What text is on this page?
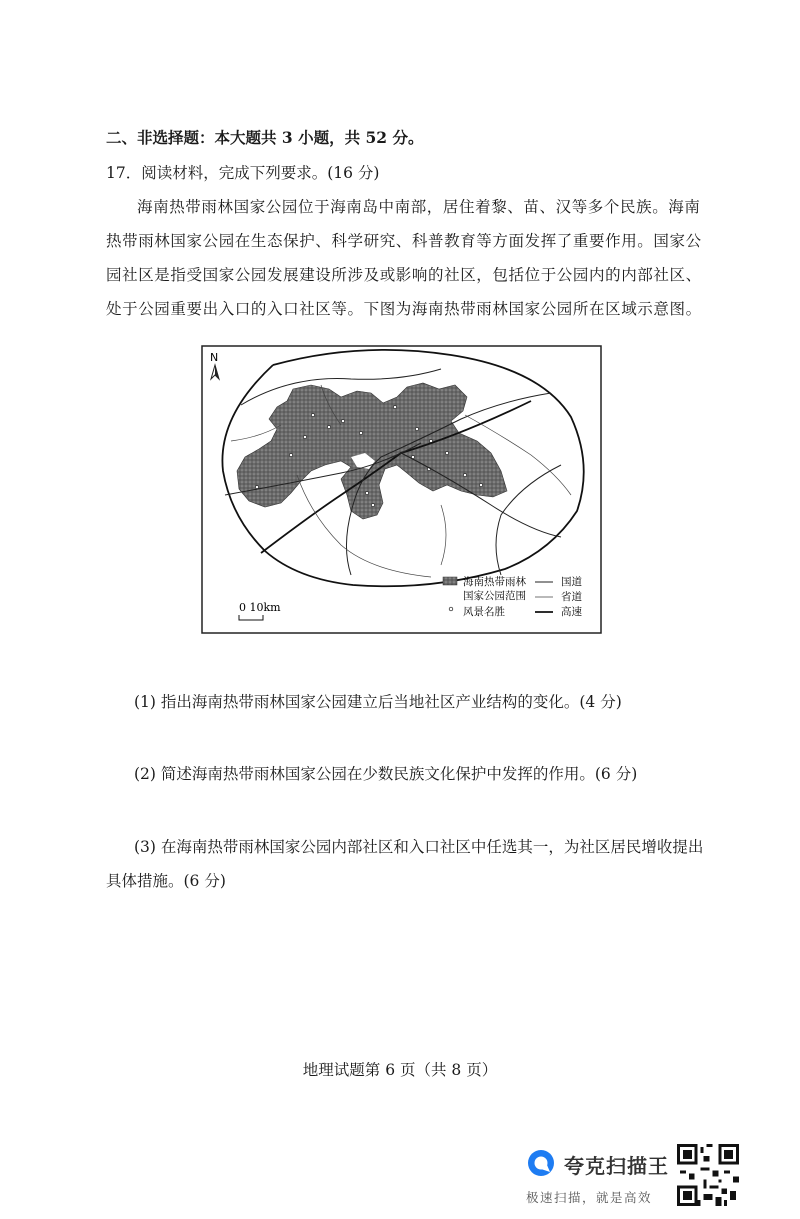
二、非选择题：本大题共 3 小题，共 52 分。
17．阅读材料，完成下列要求。(16 分)
海南热带雨林国家公园位于海南岛中南部，居住着黎、苗、汉等多个民族。海南热带雨林国家公园在生态保护、科学研究、科普教育等方面发挥了重要作用。国家公园社区是指受国家公园发展建设所涉及或影响的社区，包括位于公园内的内部社区、处于公园重要出入口的入口社区等。下图为海南热带雨林国家公园所在区域示意图。
N
0 10km
海南热带雨林
国家公园范围
风景名胜
国道
省道
高速
(1) 指出海南热带雨林国家公园建立后当地社区产业结构的变化。(4 分)
(2) 简述海南热带雨林国家公园在少数民族文化保护中发挥的作用。(6 分)
(3) 在海南热带雨林国家公园内部社区和入口社区中任选其一，为社区居民增收提出具体措施。(6 分)
地理试题第 6 页（共 8 页）
夸克扫描王
极速扫描，就是高效
